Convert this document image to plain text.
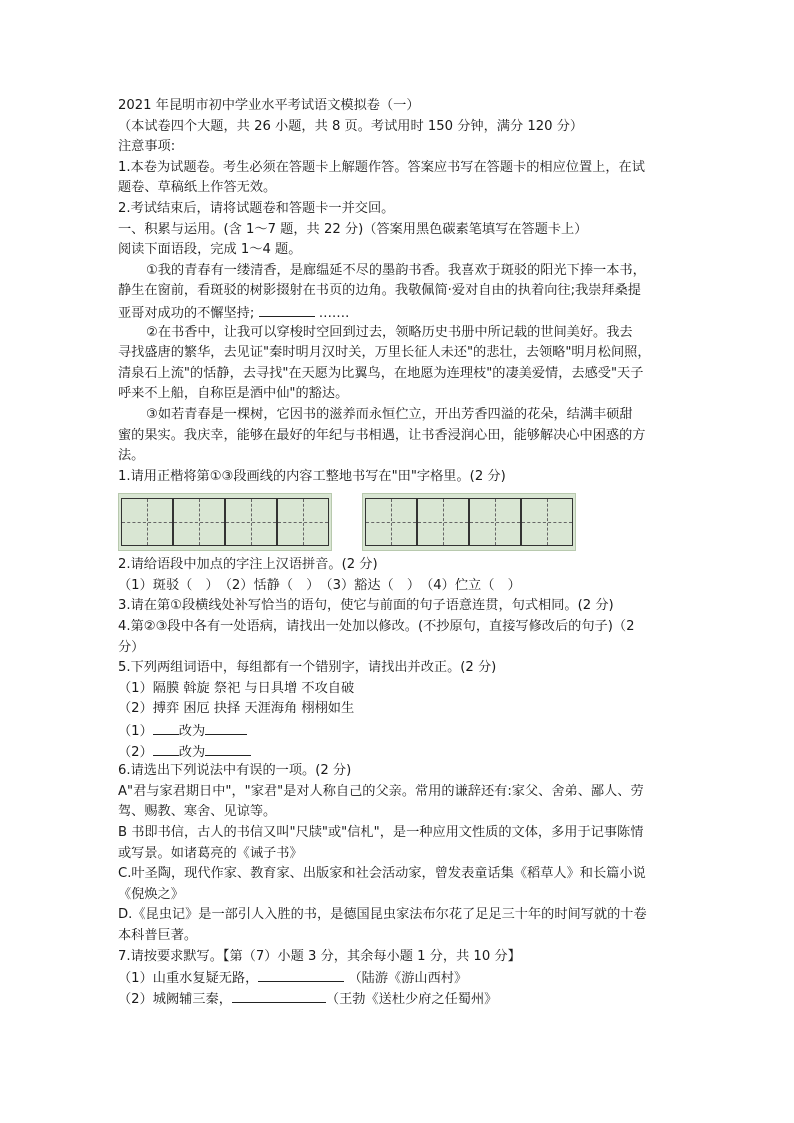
2021 年昆明市初中学业水平考试语文模拟卷（一）
（本试卷四个大题，共 26 小题，共 8 页。考试用时 150 分钟，满分 120 分）
注意事项:
1.本卷为试题卷。考生必须在答题卡上解题作答。答案应书写在答题卡的相应位置上，在试
题卷、草稿纸上作答无效。
2.考试结束后，请将试题卷和答题卡一并交回。
一、积累与运用。(含 1～7 题，共 22 分)（答案用黑色碳素笔填写在答题卡上）
阅读下面语段，完成 1～4 题。
①我的青春有一缕清香，是廊缊延不尽的墨韵书香。我喜欢于斑驳的阳光下捧一本书，
静生在窗前，看斑驳的树影掇射在书页的边角。我敬佩简·爱对自由的执着向往;我崇拜桑提
亚哥对成功的不懈坚持;	…….
②在书香中，让我可以穿梭时空回到过去，领略历史书册中所记载的世间美好。我去
寻找盛唐的繁华，去见证"秦时明月汉时关，万里长征人未还"的悲壮，去领略"明月松间照，
清泉石上流"的恬静，去寻找"在天愿为比翼鸟，在地愿为连理枝"的凄美爱情，去感受"天子
呼来不上船，自称臣是酒中仙"的豁达。
③如若青春是一棵树，它因书的滋养而永恒伫立，开出芳香四溢的花朵，结满丰硕甜
蜜的果实。我庆幸，能够在最好的年纪与书相遇，让书香浸润心田，能够解决心中困惑的方
法。
1.请用正楷将第①③段画线的内容工整地书写在"田"字格里。(2 分)
2.请给语段中加点的字注上汉语拼音。(2 分)
（1）斑驳（　）　（2）恬静（　）　（3）豁达（　）　（4）伫立（　）
3.请在第①段横线处补写恰当的语句，使它与前面的句子语意连贯，句式相同。(2 分)
4.第②③段中各有一处语病，请找出一处加以修改。(不抄原句，直接写修改后的句子)（2
分）
5.下列两组词语中，每组都有一个错别字，请找出并改正。(2 分)
（1）隔膜 斡旋 祭祀 与日具增 不攻自破
（2）搏弈 困厄 抉择 天涯海角 栩栩如生
（1） 改为
（2） 改为
6.请选出下列说法中有误的一项。(2 分)
A"君与家君期日中"，"家君"是对人称自己的父亲。常用的谦辞还有:家父、舍弟、鄙人、劳
驾、赐教、寒舍、见谅等。
B 书即书信，古人的书信又叫"尺牍"或"信札"，是一种应用文性质的文体，多用于记事陈情
或写景。如诸葛亮的《诫子书》
C.叶圣陶，现代作家、教育家、出版家和社会活动家，曾发表童话集《稻草人》和长篇小说
《倪焕之》
D.《昆虫记》是一部引人入胜的书，是德国昆虫家法布尔花了足足三十年的时间写就的十卷
本科普巨著。
7.请按要求默写。【第（7）小题 3 分，其余每小题 1 分，共 10 分】
（1）山重水复疑无路，	（陆游《游山西村》
（2）城阙辅三秦，	（王勃《送杜少府之任蜀州》
